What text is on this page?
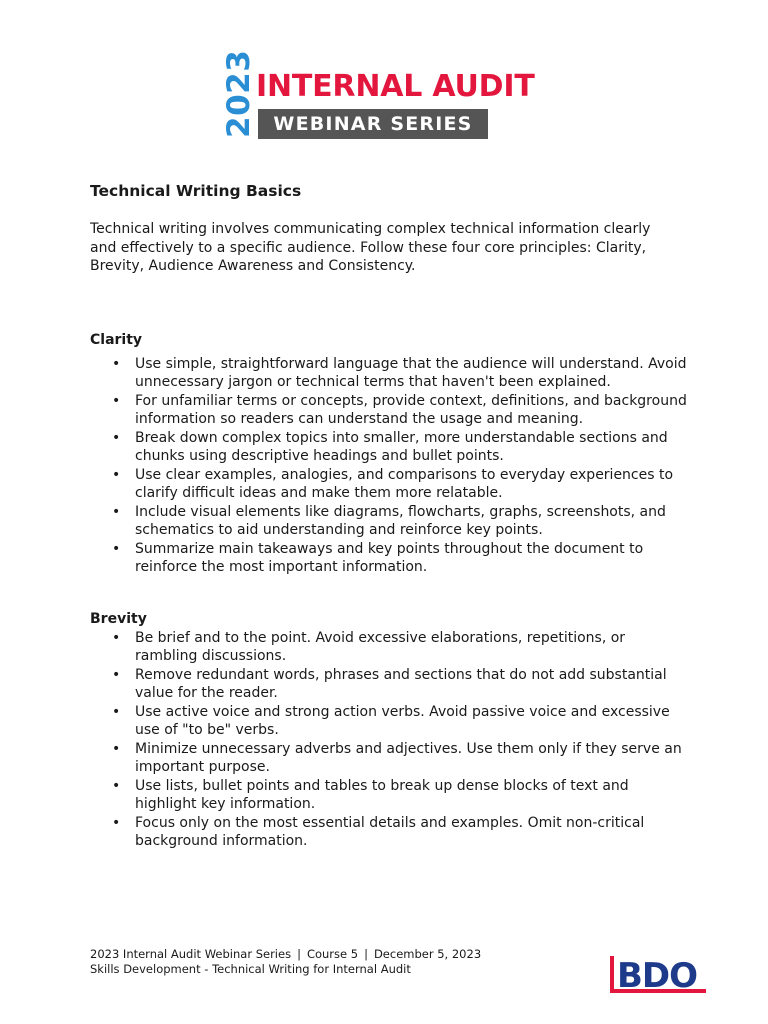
2023 INTERNAL AUDIT
WEBINAR SERIES
Technical Writing Basics

Technical writing involves communicating complex technical information clearly and effectively to a specific audience. Follow these four core principles: Clarity, Brevity, Audience Awareness and Consistency.

Clarity
• Use simple, straightforward language that the audience will understand. Avoid unnecessary jargon or technical terms that haven't been explained.
• For unfamiliar terms or concepts, provide context, definitions, and background information so readers can understand the usage and meaning.
• Break down complex topics into smaller, more understandable sections and chunks using descriptive headings and bullet points.
• Use clear examples, analogies, and comparisons to everyday experiences to clarify difficult ideas and make them more relatable.
• Include visual elements like diagrams, flowcharts, graphs, screenshots, and schematics to aid understanding and reinforce key points.
• Summarize main takeaways and key points throughout the document to reinforce the most important information.
Brevity
• Be brief and to the point. Avoid excessive elaborations, repetitions, or rambling discussions.
• Remove redundant words, phrases and sections that do not add substantial value for the reader.
• Use active voice and strong action verbs. Avoid passive voice and excessive use of "to be" verbs.
• Minimize unnecessary adverbs and adjectives. Use them only if they serve an important purpose.
• Use lists, bullet points and tables to break up dense blocks of text and highlight key information.
• Focus only on the most essential details and examples. Omit non-critical background information.
2023 Internal Audit Webinar Series | Course 5 | December 5, 2023
Skills Development - Technical Writing for Internal Audit	BDO
